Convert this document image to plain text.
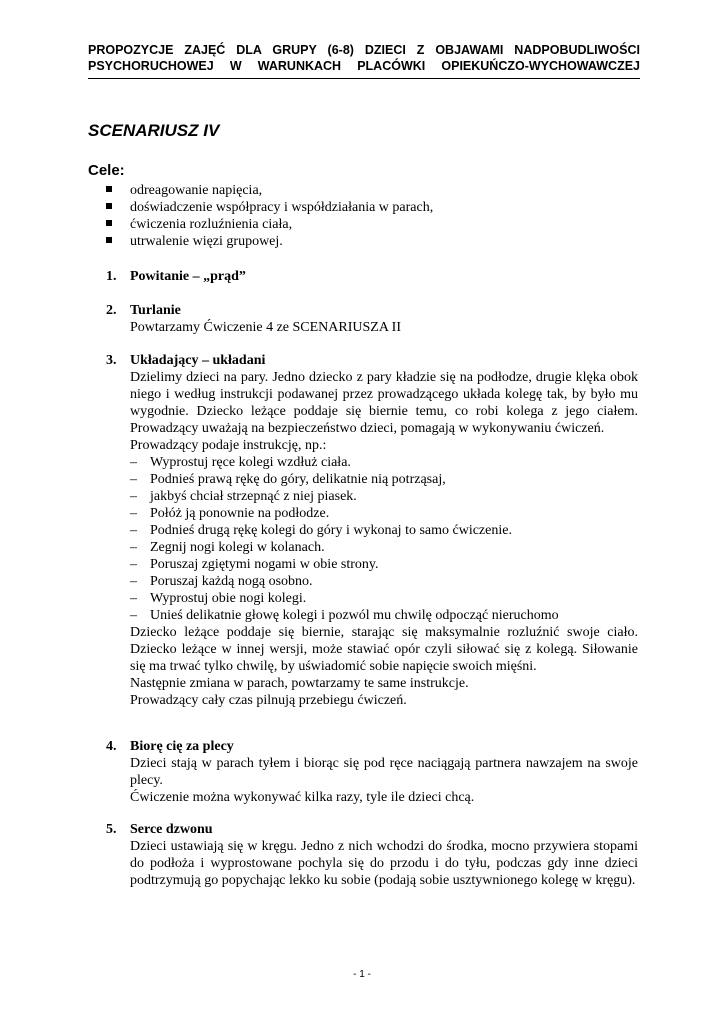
PROPOZYCJE ZAJĘĆ DLA GRUPY (6-8) DZIECI Z OBJAWAMI NADPOBUDLIWOŚCI
PSYCHORUCHOWEJ W WARUNKACH PLACÓWKI OPIEKUŃCZO-WYCHOWAWCZEJ
SCENARIUSZ IV
Cele:
odreagowanie napięcia,
doświadczenie współpracy i współdziałania w parach,
ćwiczenia rozluźnienia ciała,
utrwalenie więzi grupowej.
1. Powitanie – „prąd”
2. Turlanie
Powtarzamy Ćwiczenie 4 ze SCENARIUSZA II
3. Układający – układani
Dzielimy dzieci na pary. Jedno dziecko z pary kładzie się na podłodze, drugie klęka obok niego i według instrukcji podawanej przez prowadzącego układa kolegę tak, by było mu wygodnie. Dziecko leżące poddaje się biernie temu, co robi kolega z jego ciałem. Prowadzący uważają na bezpieczeństwo dzieci, pomagają w wykonywaniu ćwiczeń.
Prowadzący podaje instrukcję, np.:
– Wyprostuj ręce kolegi wzdłuż ciała.
– Podnieś prawą rękę do góry, delikatnie nią potrząsaj,
– jakbyś chciał strzepnąć z niej piasek.
– Połóż ją ponownie na podłodze.
– Podnieś drugą rękę kolegi do góry i wykonaj to samo ćwiczenie.
– Zegnij nogi kolegi w kolanach.
– Poruszaj zgiętymi nogami w obie strony.
– Poruszaj każdą nogą osobno.
– Wyprostuj obie nogi kolegi.
– Unieś delikatnie głowę kolegi i pozwól mu chwilę odpocząć nieruchomo
Dziecko leżące poddaje się biernie, starając się maksymalnie rozluźnić swoje ciało.
Dziecko leżące w innej wersji, może stawiać opór czyli siłować się z kolegą. Siłowanie się ma trwać tylko chwilę, by uświadomić sobie napięcie swoich mięśni.
Następnie zmiana w parach, powtarzamy te same instrukcje.
Prowadzący cały czas pilnują przebiegu ćwiczeń.
4. Biorę cię za plecy
Dzieci stają w parach tyłem i biorąc się pod ręce naciągają partnera nawzajem na swoje plecy.
Ćwiczenie można wykonywać kilka razy, tyle ile dzieci chcą.
5. Serce dzwonu
Dzieci ustawiają się w kręgu. Jedno z nich wchodzi do środka, mocno przywiera stopami do podłoża i wyprostowane pochyla się do przodu i do tyłu, podczas gdy inne dzieci podtrzymują go popychając lekko ku sobie (podają sobie usztywnionego kolegę w kręgu).
- 1 -
